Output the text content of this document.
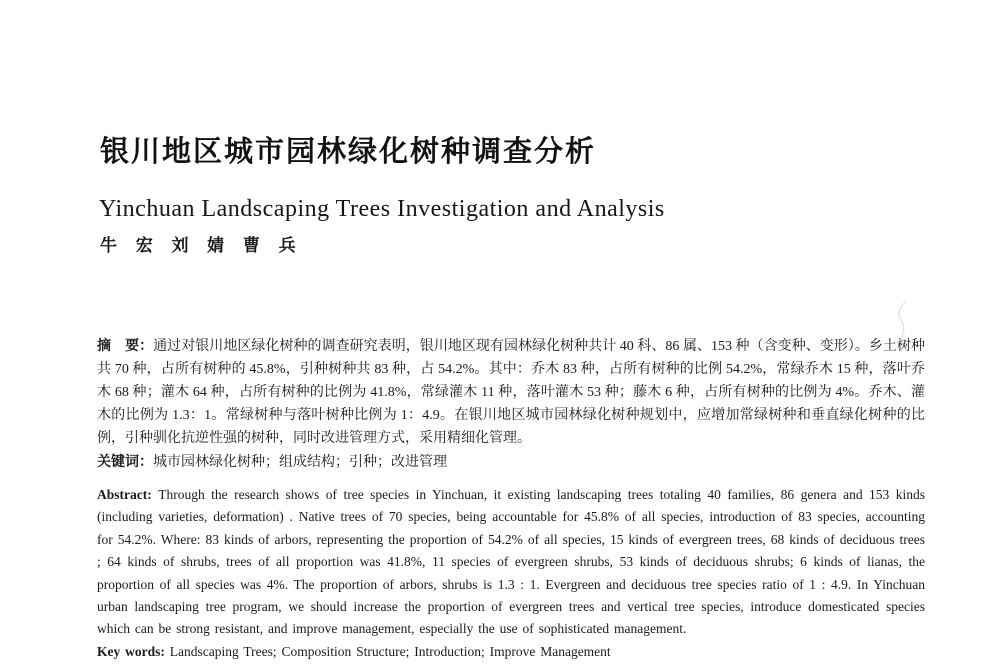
银川地区城市园林绿化树种调查分析
Yinchuan Landscaping Trees Investigation and Analysis
牛 宏 刘 婧 曹 兵

摘　要：通过对银川地区绿化树种的调查研究表明，银川地区现有园林绿化树种共计 40 科、86 属、153 种（含变种、变形）。乡土树种共 70 种，占所有树种的 45.8%，引种树种共 83 种，占 54.2%。其中：乔木 83 种，占所有树种的比例 54.2%，常绿乔木 15 种，落叶乔木 68 种；灌木 64 种，占所有树种的比例为 41.8%，常绿灌木 11 种，落叶灌木 53 种；藤木 6 种，占所有树种的比例为 4%。乔木、灌木的比例为 1.3：1。常绿树种与落叶树种比例为 1：4.9。在银川地区城市园林绿化树种规划中，应增加常绿树种和垂直绿化树种的比例，引种驯化抗逆性强的树种，同时改进管理方式，采用精细化管理。

关键词：城市园林绿化树种；组成结构；引种；改进管理

Abstract: Through the research shows of tree species in Yinchuan, it existing landscaping trees totaling 40 families, 86 genera and 153 kinds (including varieties, deformation) . Native trees of 70 species, being accountable for 45.8% of all species, introduction of 83 species, accounting for 54.2%. Where: 83 kinds of arbors, representing the proportion of 54.2% of all species, 15 kinds of evergreen trees, 68 kinds of deciduous trees ; 64 kinds of shrubs, trees of all proportion was 41.8%, 11 species of evergreen shrubs, 53 kinds of deciduous shrubs; 6 kinds of lianas, the proportion of all species was 4%. The proportion of arbors, shrubs is 1.3 : 1. Evergreen and deciduous tree species ratio of 1 : 4.9. In Yinchuan urban landscaping tree program, we should increase the proportion of evergreen trees and vertical tree species, introduce domesticated species which can be strong resistant, and improve management, especially the use of sophisticated management.

Key words: Landscaping Trees; Composition Structure; Introduction; Improve Management
